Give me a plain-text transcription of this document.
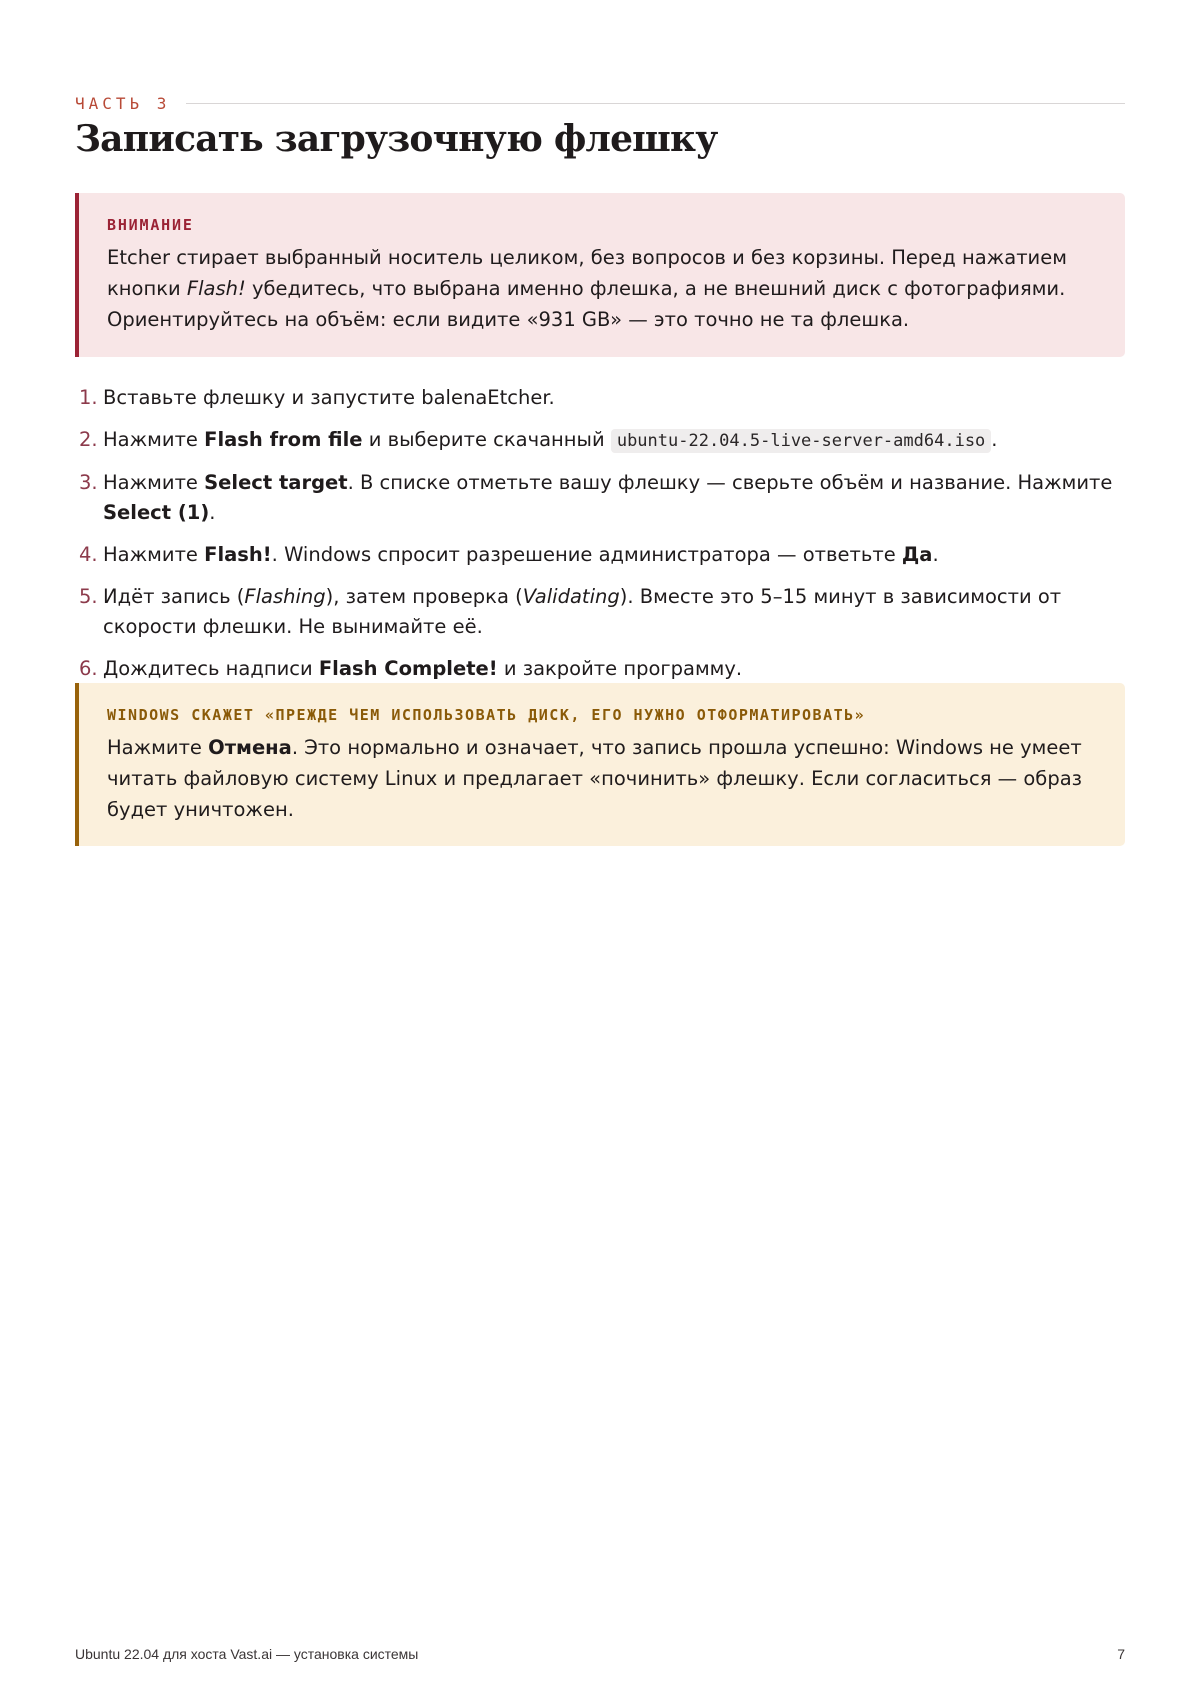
ЧАСТЬ 3
Записать загрузочную флешку
ВНИМАНИЕ
Etcher стирает выбранный носитель целиком, без вопросов и без корзины. Перед нажатием кнопки Flash! убедитесь, что выбрана именно флешка, а не внешний диск с фотографиями. Ориентируйтесь на объём: если видите «931 GB» — это точно не та флешка.
1. Вставьте флешку и запустите balenaEtcher.
2. Нажмите Flash from file и выберите скачанный ubuntu-22.04.5-live-server-amd64.iso .
3. Нажмите Select target. В списке отметьте вашу флешку — сверьте объём и название. Нажмите Select (1).
4. Нажмите Flash!. Windows спросит разрешение администратора — ответьте Да.
5. Идёт запись (Flashing), затем проверка (Validating). Вместе это 5–15 минут в зависимости от скорости флешки. Не вынимайте её.
6. Дождитесь надписи Flash Complete! и закройте программу.
WINDOWS СКАЖЕТ «ПРЕЖДЕ ЧЕМ ИСПОЛЬЗОВАТЬ ДИСК, ЕГО НУЖНО ОТФОРМАТИРОВАТЬ»
Нажмите Отмена. Это нормально и означает, что запись прошла успешно: Windows не умеет читать файловую систему Linux и предлагает «починить» флешку. Если согласиться — образ будет уничтожен.
Ubuntu 22.04 для хоста Vast.ai — установка системы	7
